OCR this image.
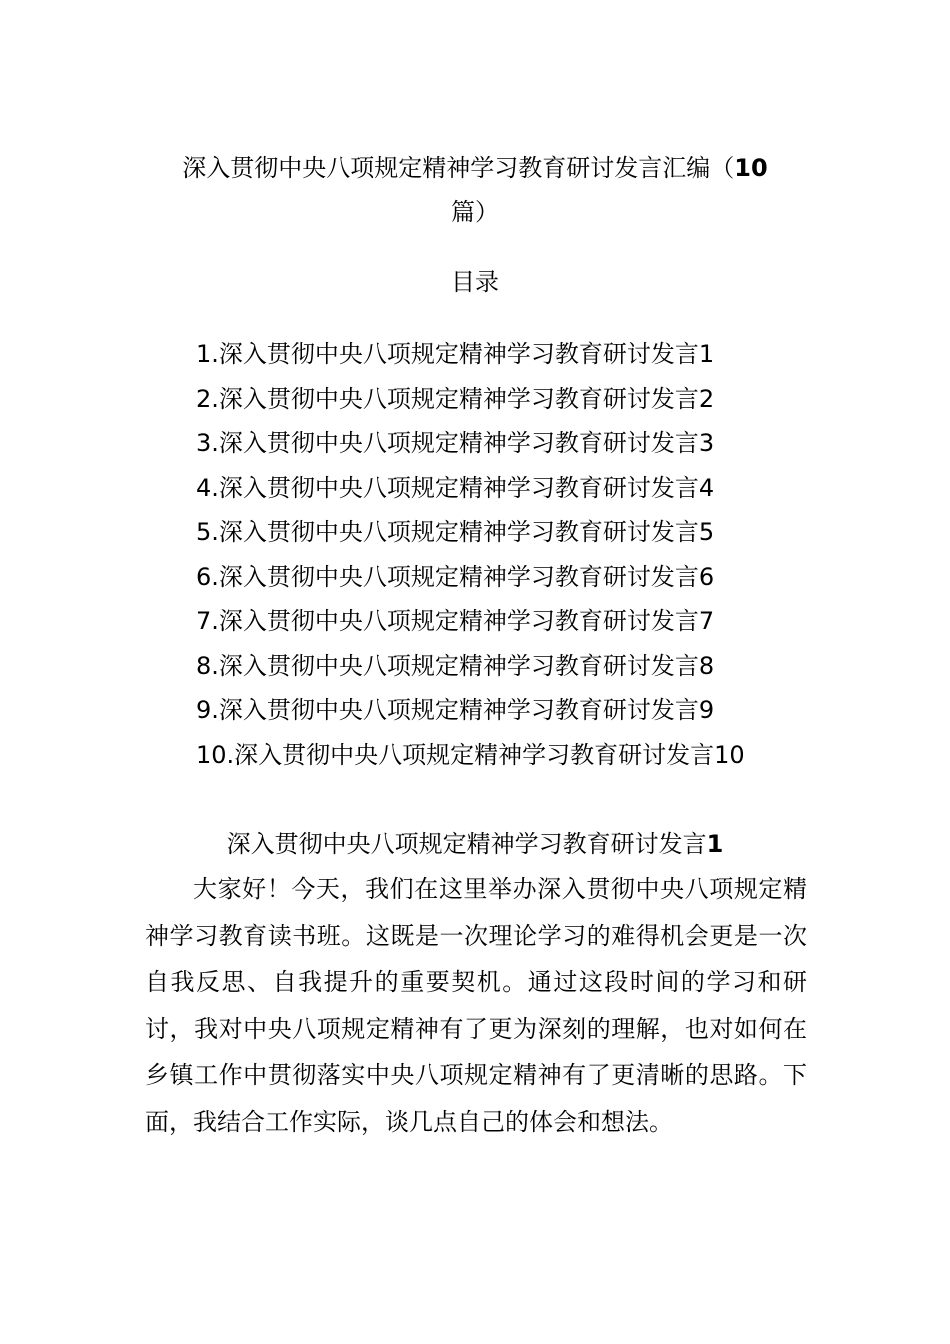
深入贯彻中央八项规定精神学习教育研讨发言汇编（10
篇）
目录
1.深入贯彻中央八项规定精神学习教育研讨发言1
2.深入贯彻中央八项规定精神学习教育研讨发言2
3.深入贯彻中央八项规定精神学习教育研讨发言3
4.深入贯彻中央八项规定精神学习教育研讨发言4
5.深入贯彻中央八项规定精神学习教育研讨发言5
6.深入贯彻中央八项规定精神学习教育研讨发言6
7.深入贯彻中央八项规定精神学习教育研讨发言7
8.深入贯彻中央八项规定精神学习教育研讨发言8
9.深入贯彻中央八项规定精神学习教育研讨发言9
10.深入贯彻中央八项规定精神学习教育研讨发言10
深入贯彻中央八项规定精神学习教育研讨发言1

大家好！今天，我们在这里举办深入贯彻中央八项规定精神学习教育读书班。这既是一次理论学习的难得机会更是一次自我反思、自我提升的重要契机。通过这段时间的学习和研讨，我对中央八项规定精神有了更为深刻的理解，也对如何在乡镇工作中贯彻落实中央八项规定精神有了更清晰的思路。下面，我结合工作实际，谈几点自己的体会和想法。
